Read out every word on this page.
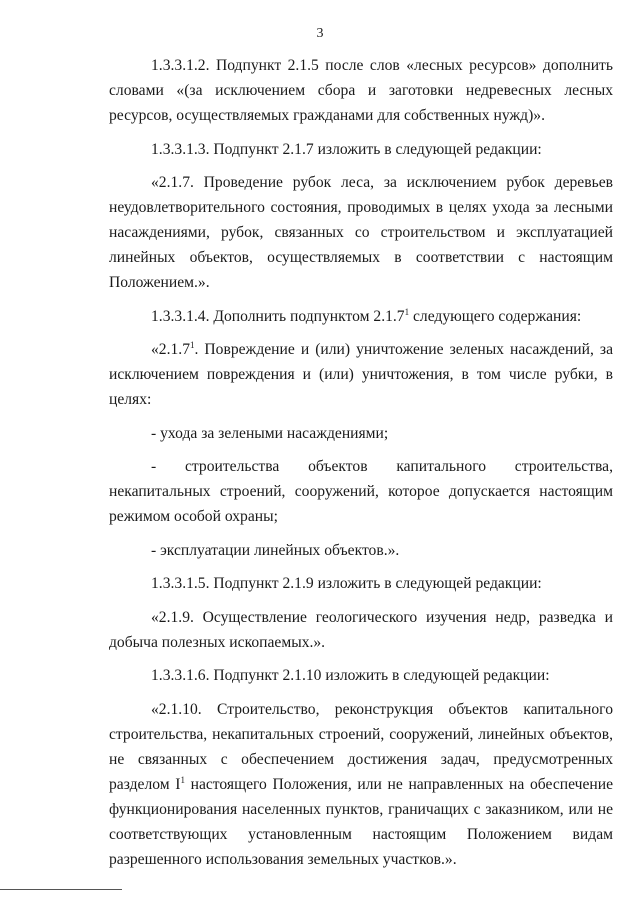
3

1.3.3.1.2. Подпункт 2.1.5 после слов «лесных ресурсов» дополнить словами «(за исключением сбора и заготовки недревесных лесных ресурсов, осуществляемых гражданами для собственных нужд)».

1.3.3.1.3. Подпункт 2.1.7 изложить в следующей редакции:

«2.1.7. Проведение рубок леса, за исключением рубок деревьев неудовлетворительного состояния, проводимых в целях ухода за лесными насаждениями, рубок, связанных со строительством и эксплуатацией линейных объектов, осуществляемых в соответствии с настоящим Положением.».

1.3.3.1.4. Дополнить подпунктом 2.1.7$^1$ следующего содержания:

«2.1.7$^1$. Повреждение и (или) уничтожение зеленых насаждений, за исключением повреждения и (или) уничтожения, в том числе рубки, в целях:

- ухода за зелеными насаждениями;

- строительства объектов капитального строительства, некапитальных строений, сооружений, которое допускается настоящим режимом особой охраны;

- эксплуатации линейных объектов.».

1.3.3.1.5. Подпункт 2.1.9 изложить в следующей редакции:

«2.1.9. Осуществление геологического изучения недр, разведка и добыча полезных ископаемых.».

1.3.3.1.6. Подпункт 2.1.10 изложить в следующей редакции:

«2.1.10. Строительство, реконструкция объектов капитального строительства, некапитальных строений, сооружений, линейных объектов, не связанных с обеспечением достижения задач, предусмотренных разделом $I^1$ настоящего Положения, или не направленных на обеспечение функционирования населенных пунктов, граничащих с заказником, или не соответствующих установленным настоящим Положением видам разрешенного использования земельных участков.».
